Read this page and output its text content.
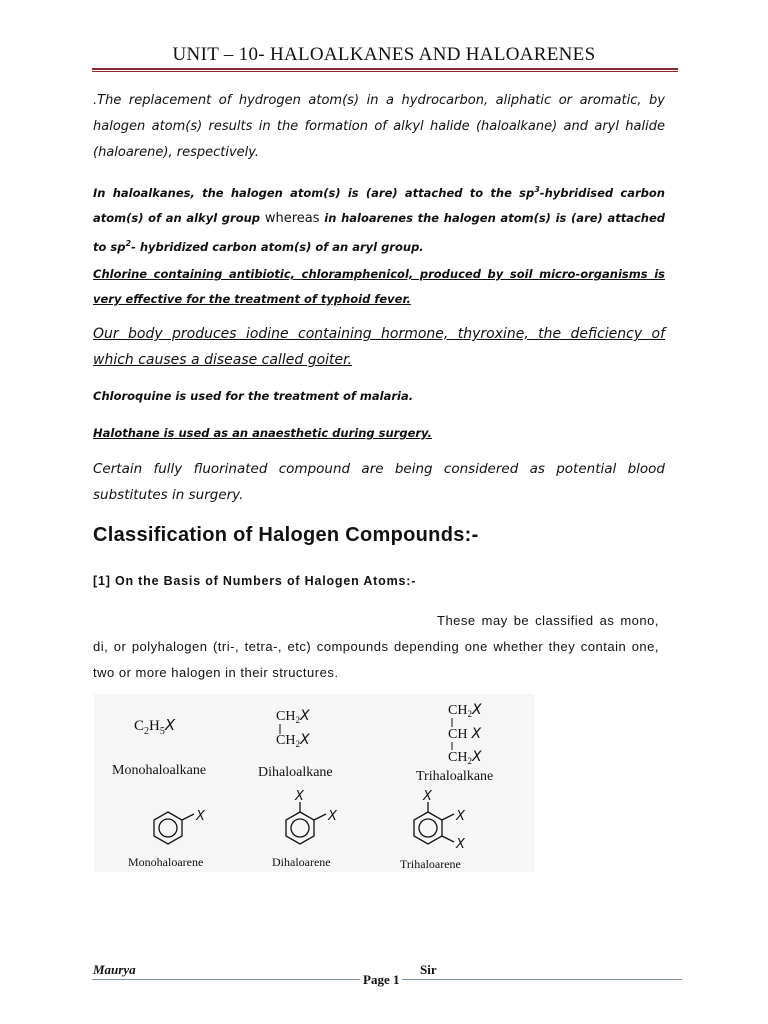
UNIT – 10- HALOALKANES AND HALOARENES
.The replacement of hydrogen atom(s) in a hydrocarbon, aliphatic or aromatic, by halogen atom(s) results in the formation of alkyl halide (haloalkane) and aryl halide (haloarene), respectively.
In haloalkanes, the halogen atom(s) is (are) attached to the $sp^3$-hybridised carbon atom(s) of an alkyl group whereas in haloarenes the halogen atom(s) is (are) attached to $sp^2-$ hybridized carbon atom(s) of an aryl group.
Chlorine containing antibiotic, chloramphenicol, produced by soil micro-organisms is very effective for the treatment of typhoid fever.
Our body produces iodine containing hormone, thyroxine, the deficiency of which causes a disease called goiter.
Chloroquine is used for the treatment of malaria.
Halothane is used as an anaesthetic during surgery.
Certain fully fluorinated compound are being considered as potential blood substitutes in surgery.
Classification of Halogen Compounds:-
[1] On the Basis of Numbers of Halogen Atoms:-
These may be classified as mono, di, or polyhalogen (tri-, tetra-, etc) compounds depending one whether they contain one, two or more halogen in their structures.
$C_2H_5X$
Monohaloalkane
$CH_2X$
$CH_2X$
Dihaloalkane
$CH_2X$
CH X
$CH_2X$
Trihaloalkane
X
Monohaloarene
X
X
Dihaloarene
X
X
X
Trihaloarene
Maurya	Sir
Page 1
